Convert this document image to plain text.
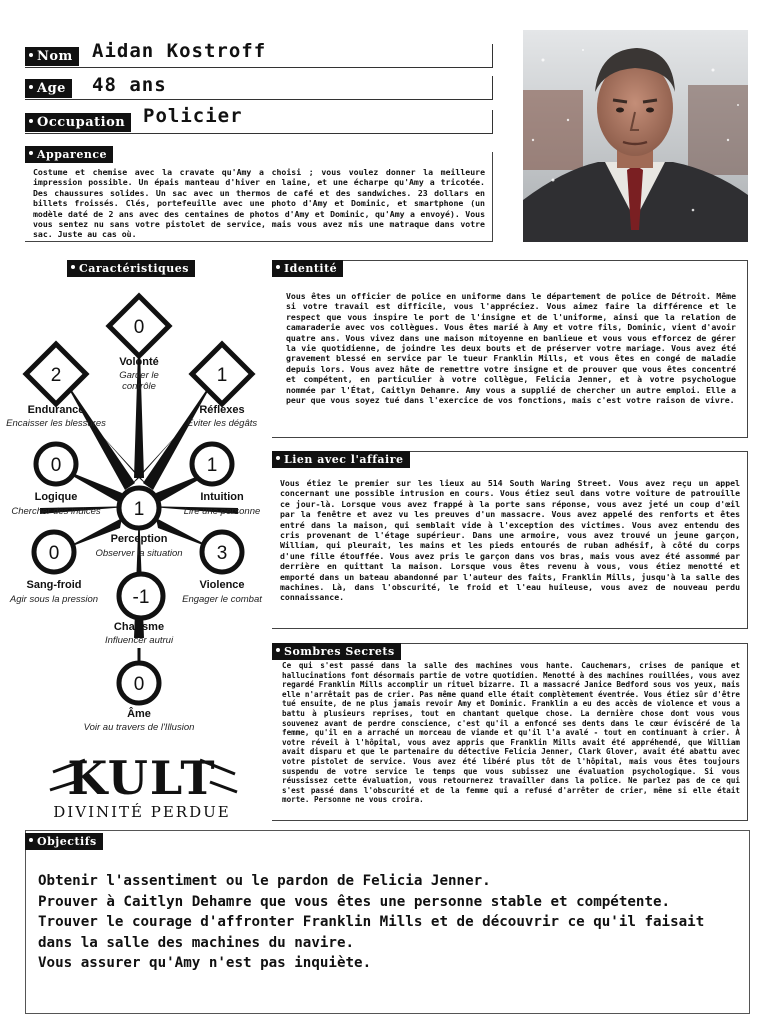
Nom	Aidan Kostroff
Age	48 ans
Occupation Policier
Costume et chemise avec la cravate qu'Amy a choisi ; vous voulez donner la meilleure impression possible. Un épais manteau d'hiver en laine, et une écharpe qu'Amy a tricotée. Des chaussures solides. Un sac avec un thermos de café et des sandwiches. 23 dollars en billets froissés. Clés, portefeuille avec une photo d'Amy et Dominic, et smartphone (un modèle daté de 2 ans avec des centaines de photos d'Amy et Dominic, qu'Amy a envoyé). Vous vous sentez nu sans votre pistolet de service, mais vous avez mis une matraque dans votre sac. Juste au cas où.
Apparence
Caractéristiques
0
2	1
0	1
1
0	3
-1
0
Volonté
Garder le contrôle
Endurance
Encaisser les blessures
Réflexes
Éviter les dégâts
Logique
Chercher des indices
Intuition
Lire une personne
Perception
Observer la situation
Sang-froid
Agir sous la pression
Violence
Engager le combat
Charisme
Influencer autrui
Âme
Voir au travers de l'Illusion
Vous êtes un officier de police en uniforme dans le département de police de Détroit. Même si votre travail est difficile, vous l'appréciez. Vous aimez faire la différence et le respect que vous inspire le port de l'insigne et de l'uniforme, ainsi que la relation de camaraderie avec vos collègues. Vous êtes marié à Amy et votre fils, Dominic, vient d'avoir quatre ans. Vous vivez dans une maison mitoyenne en banlieue et vous vous efforcez de gérer la vie quotidienne, de joindre les deux bouts et de préserver votre mariage. Vous avez été gravement blessé en service par le tueur Franklin Mills, et vous êtes en congé de maladie depuis lors. Vous avez hâte de remettre votre insigne et de prouver que vous êtes concentré et compétent, en particulier à votre collègue, Felicia Jenner, et à votre psychologue nommée par l'État, Caitlyn Dehamre. Amy vous a supplié de chercher un autre emploi. Elle a peur que vous soyez tué dans l'exercice de vos fonctions, mais c'est votre raison de vivre.
Identité
Vous étiez le premier sur les lieux au 514 South Waring Street. Vous avez reçu un appel concernant une possible intrusion en cours. Vous étiez seul dans votre voiture de patrouille ce jour-là. Lorsque vous avez frappé à la porte sans réponse, vous avez jeté un coup d'œil par la fenêtre et avez vu les preuves d'un massacre. Vous avez appelé des renforts et êtes entré dans la maison, qui semblait vide à l'exception des victimes. Vous avez entendu des cris provenant de l'étage supérieur. Dans une armoire, vous avez trouvé un jeune garçon, William, qui pleurait, les mains et les pieds entourés de ruban adhésif, à côté du corps d'une fille étouffée. Vous avez pris le garçon dans vos bras, mais vous avez été assommé par derrière en quittant la maison. Lorsque vous êtes revenu à vous, vous étiez menotté et emporté dans un bateau abandonné par l'auteur des faits, Franklin Mills, jusqu'à la salle des machines. Là, dans l'obscurité, le froid et l'eau huileuse, vous avez de nouveau perdu connaissance.
Lien avec l'affaire
Ce qui s'est passé dans la salle des machines vous hante. Cauchemars, crises de panique et hallucinations font désormais partie de votre quotidien. Menotté à des machines rouillées, vous avez regardé Franklin Mills accomplir un rituel bizarre. Il a massacré Janice Bedford sous vos yeux, mais elle n'arrêtait pas de crier. Pas même quand elle était complètement éventrée. Vous étiez sûr d'être tué ensuite, de ne plus jamais revoir Amy et Dominic. Franklin a eu des accès de violence et vous a battu à plusieurs reprises, tout en chantant quelque chose. La dernière chose dont vous vous souvenez avant de perdre conscience, c'est qu'il a enfoncé ses dents dans le cœur éviscéré de la femme, qu'il en a arraché un morceau de viande et qu'il l'a avalé - tout en continuant à crier. À votre réveil à l'hôpital, vous avez appris que Franklin Mills avait été appréhendé, que William avait disparu et que le partenaire du détective Felicia Jenner, Clark Glover, avait été abattu avec votre pistolet de service. Vous avez été libéré plus tôt de l'hôpital, mais vous êtes toujours suspendu de votre service le temps que vous subissez une évaluation psychologique. Si vous réussissez cette évaluation, vous retournerez travailler dans la police. Ne parlez pas de ce qui s'est passé dans l'obscurité et de la femme qui a refusé d'arrêter de crier, même si elle était morte. Personne ne vous croira.
Sombres Secrets
KULT
DIVINITÉ PERDUE
Objectifs
Obtenir l'assentiment ou le pardon de Felicia Jenner.
Prouver à Caitlyn Dehamre que vous êtes une personne stable et compétente.
Trouver le courage d'affronter Franklin Mills et de découvrir ce qu'il faisait dans la salle des machines du navire.
Vous assurer qu'Amy n'est pas inquiète.
